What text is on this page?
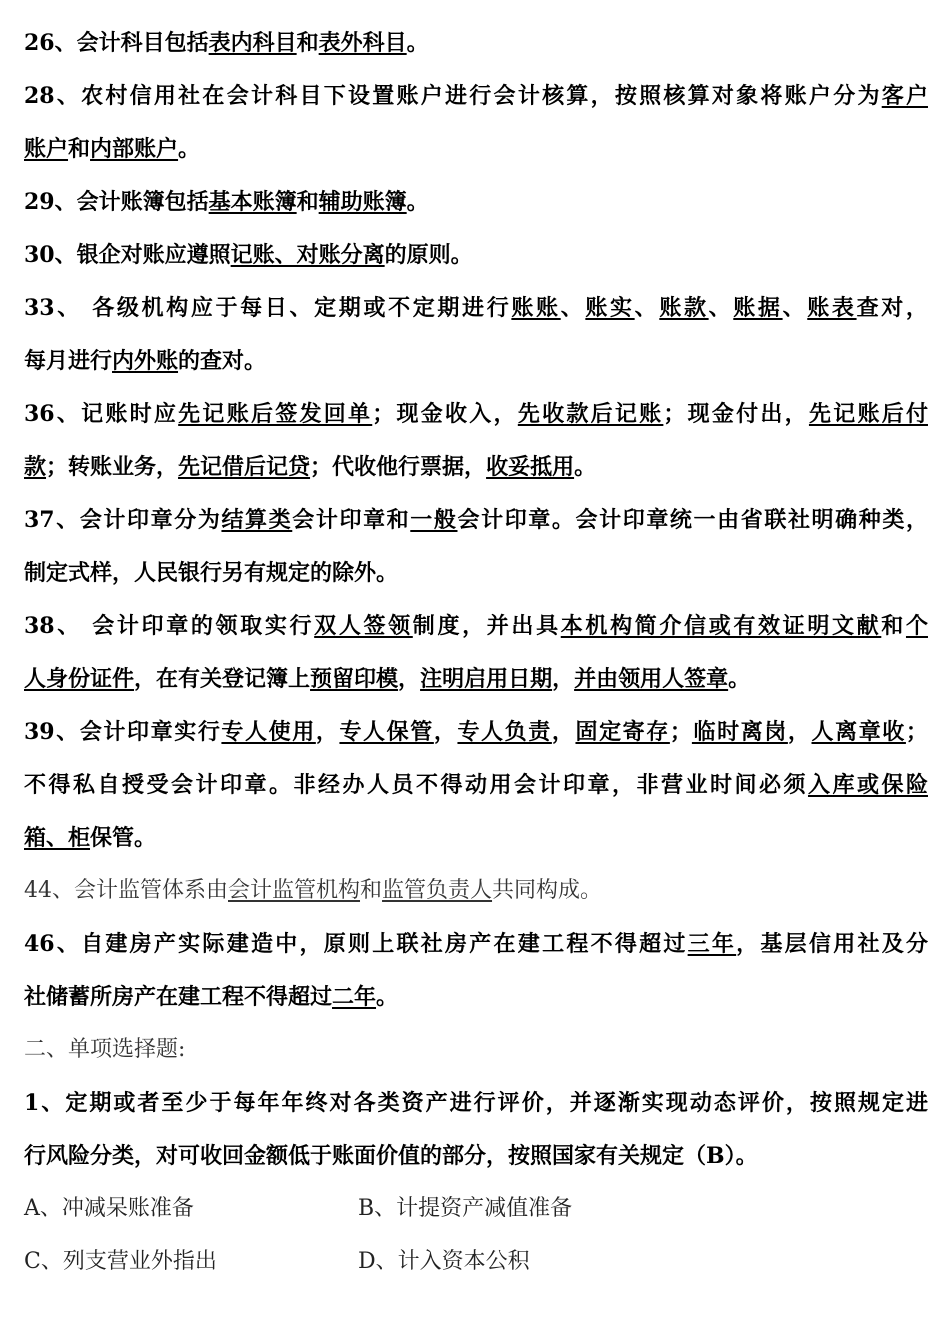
26、会计科目包括表内科目和表外科目。
28、农村信用社在会计科目下设置账户进行会计核算，按照核算对象将账户分为客户
账户和内部账户。
29、会计账簿包括基本账簿和辅助账簿。
30、银企对账应遵照记账、对账分离的原则。
33、 各级机构应于每日、定期或不定期进行账账、账实、账款、账据、账表查对，
每月进行内外账的查对。
36、记账时应先记账后签发回单；现金收入，先收款后记账；现金付出，先记账后付
款；转账业务，先记借后记贷；代收他行票据，收妥抵用。
37、会计印章分为结算类会计印章和一般会计印章。会计印章统一由省联社明确种类，
制定式样，人民银行另有规定的除外。
38、 会计印章的领取实行双人签领制度，并出具本机构简介信或有效证明文献和个
人身份证件，在有关登记簿上预留印模，注明启用日期，并由领用人签章。
39、会计印章实行专人使用，专人保管，专人负责，固定寄存；临时离岗，人离章收；
不得私自授受会计印章。非经办人员不得动用会计印章，非营业时间必须入库或保险
箱、柜保管。
44、会计监管体系由会计监管机构和监管负责人共同构成。
46、自建房产实际建造中，原则上联社房产在建工程不得超过三年，基层信用社及分
社储蓄所房产在建工程不得超过二年。
二、单项选择题:
1、定期或者至少于每年年终对各类资产进行评价，并逐渐实现动态评价，按照规定进
行风险分类，对可收回金额低于账面价值的部分，按照国家有关规定（B）。
A、冲减呆账准备	B、计提资产减值准备
C、列支营业外指出	D、计入资本公积
